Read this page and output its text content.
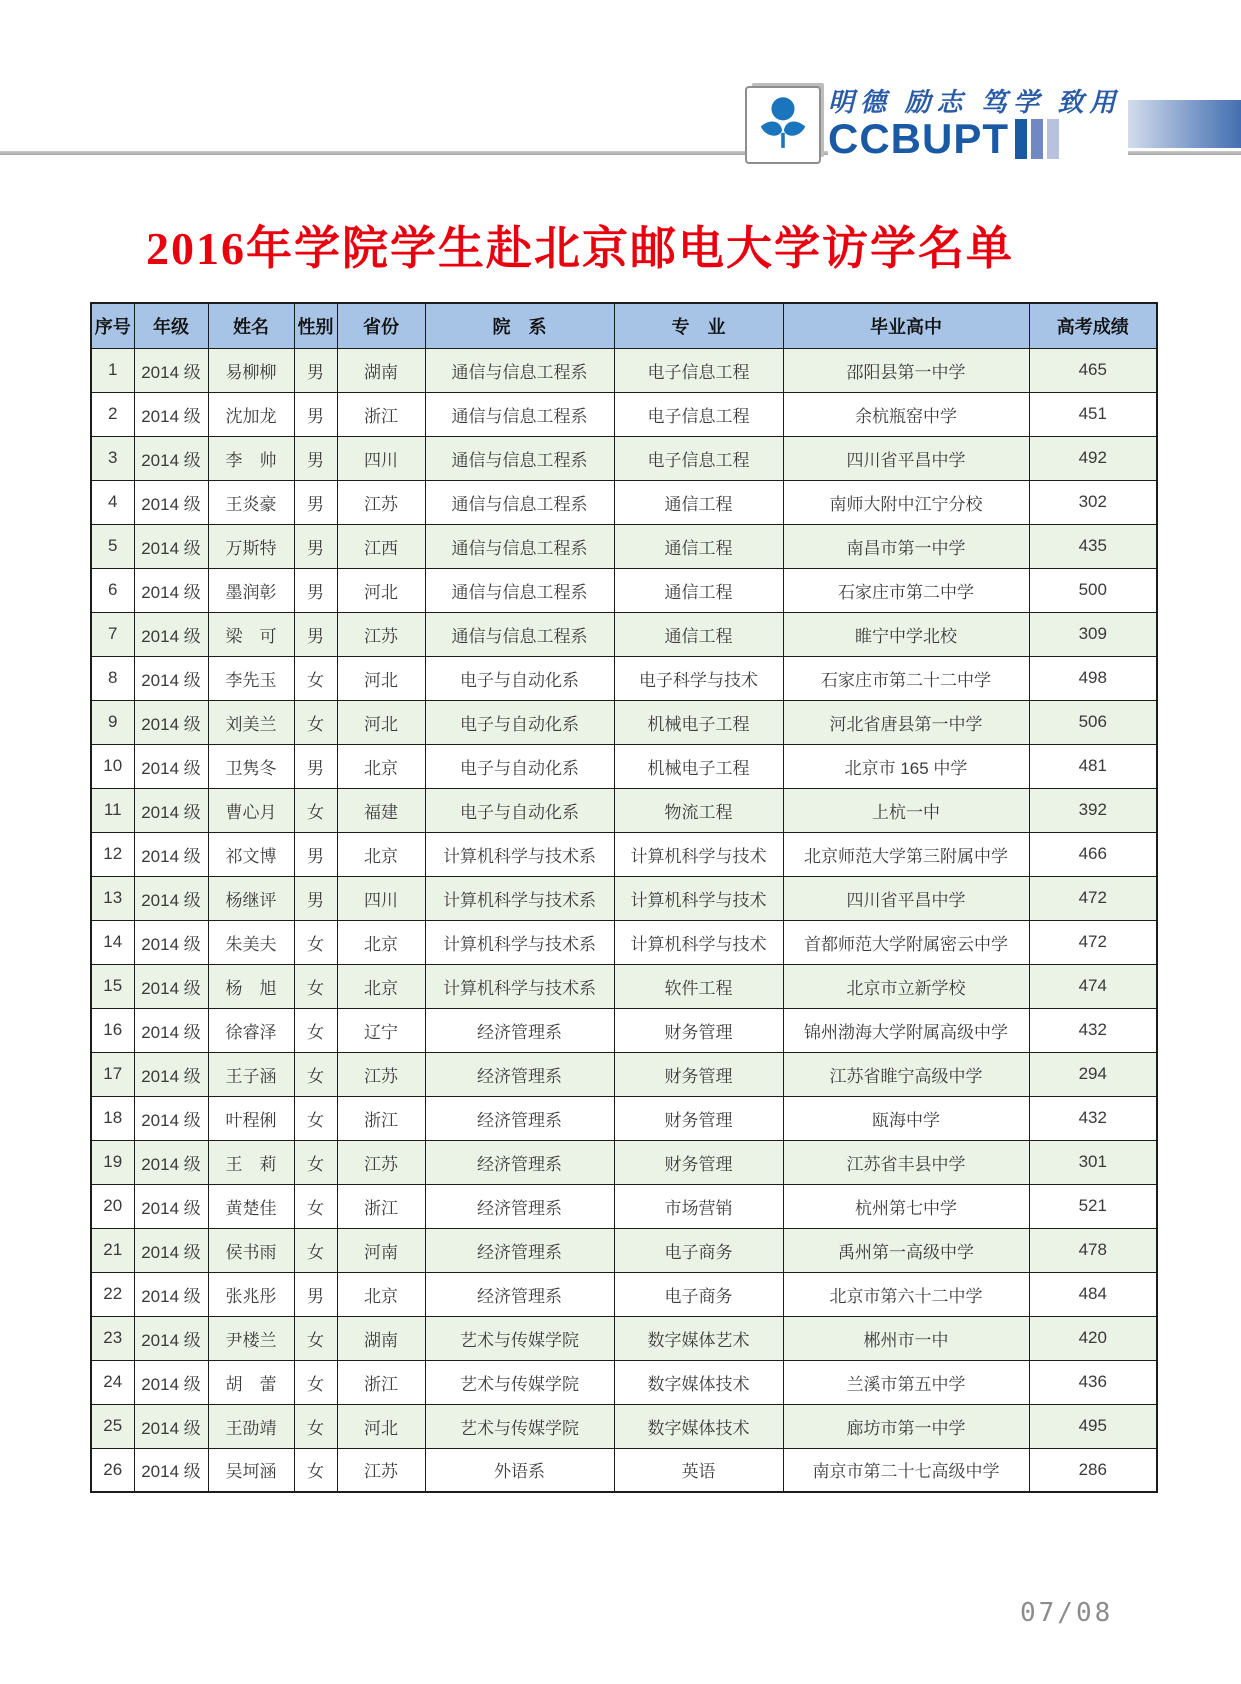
明德 励志 笃学 致用
CCBUPT
2016年学院学生赴北京邮电大学访学名单
序号	年级	姓名	性别	省份	院　系	专　业	毕业高中	高考成绩
1	2014 级	易柳柳	男	湖南	通信与信息工程系	电子信息工程	邵阳县第一中学	465
2	2014 级	沈加龙	男	浙江	通信与信息工程系	电子信息工程	余杭瓶窑中学	451
3	2014 级	李　帅	男	四川	通信与信息工程系	电子信息工程	四川省平昌中学	492
4	2014 级	王炎豪	男	江苏	通信与信息工程系	通信工程	南师大附中江宁分校	302
5	2014 级	万斯特	男	江西	通信与信息工程系	通信工程	南昌市第一中学	435
6	2014 级	墨润彰	男	河北	通信与信息工程系	通信工程	石家庄市第二中学	500
7	2014 级	梁　可	男	江苏	通信与信息工程系	通信工程	睢宁中学北校	309
8	2014 级	李先玉	女	河北	电子与自动化系	电子科学与技术	石家庄市第二十二中学	498
9	2014 级	刘美兰	女	河北	电子与自动化系	机械电子工程	河北省唐县第一中学	506
10	2014 级	卫隽冬	男	北京	电子与自动化系	机械电子工程	北京市 165 中学	481
11	2014 级	曹心月	女	福建	电子与自动化系	物流工程	上杭一中	392
12	2014 级	祁文博	男	北京	计算机科学与技术系	计算机科学与技术	北京师范大学第三附属中学	466
13	2014 级	杨继评	男	四川	计算机科学与技术系	计算机科学与技术	四川省平昌中学	472
14	2014 级	朱美夫	女	北京	计算机科学与技术系	计算机科学与技术	首都师范大学附属密云中学	472
15	2014 级	杨　旭	女	北京	计算机科学与技术系	软件工程	北京市立新学校	474
16	2014 级	徐睿泽	女	辽宁	经济管理系	财务管理	锦州渤海大学附属高级中学	432
17	2014 级	王子涵	女	江苏	经济管理系	财务管理	江苏省睢宁高级中学	294
18	2014 级	叶程俐	女	浙江	经济管理系	财务管理	瓯海中学	432
19	2014 级	王　莉	女	江苏	经济管理系	财务管理	江苏省丰县中学	301
20	2014 级	黄楚佳	女	浙江	经济管理系	市场营销	杭州第七中学	521
21	2014 级	侯书雨	女	河南	经济管理系	电子商务	禹州第一高级中学	478
22	2014 级	张兆彤	男	北京	经济管理系	电子商务	北京市第六十二中学	484
23	2014 级	尹楼兰	女	湖南	艺术与传媒学院	数字媒体艺术	郴州市一中	420
24	2014 级	胡　蕾	女	浙江	艺术与传媒学院	数字媒体技术	兰溪市第五中学	436
25	2014 级	王劭靖	女	河北	艺术与传媒学院	数字媒体技术	廊坊市第一中学	495
26	2014 级	吴坷涵	女	江苏	外语系	英语	南京市第二十七高级中学	286
07/08
